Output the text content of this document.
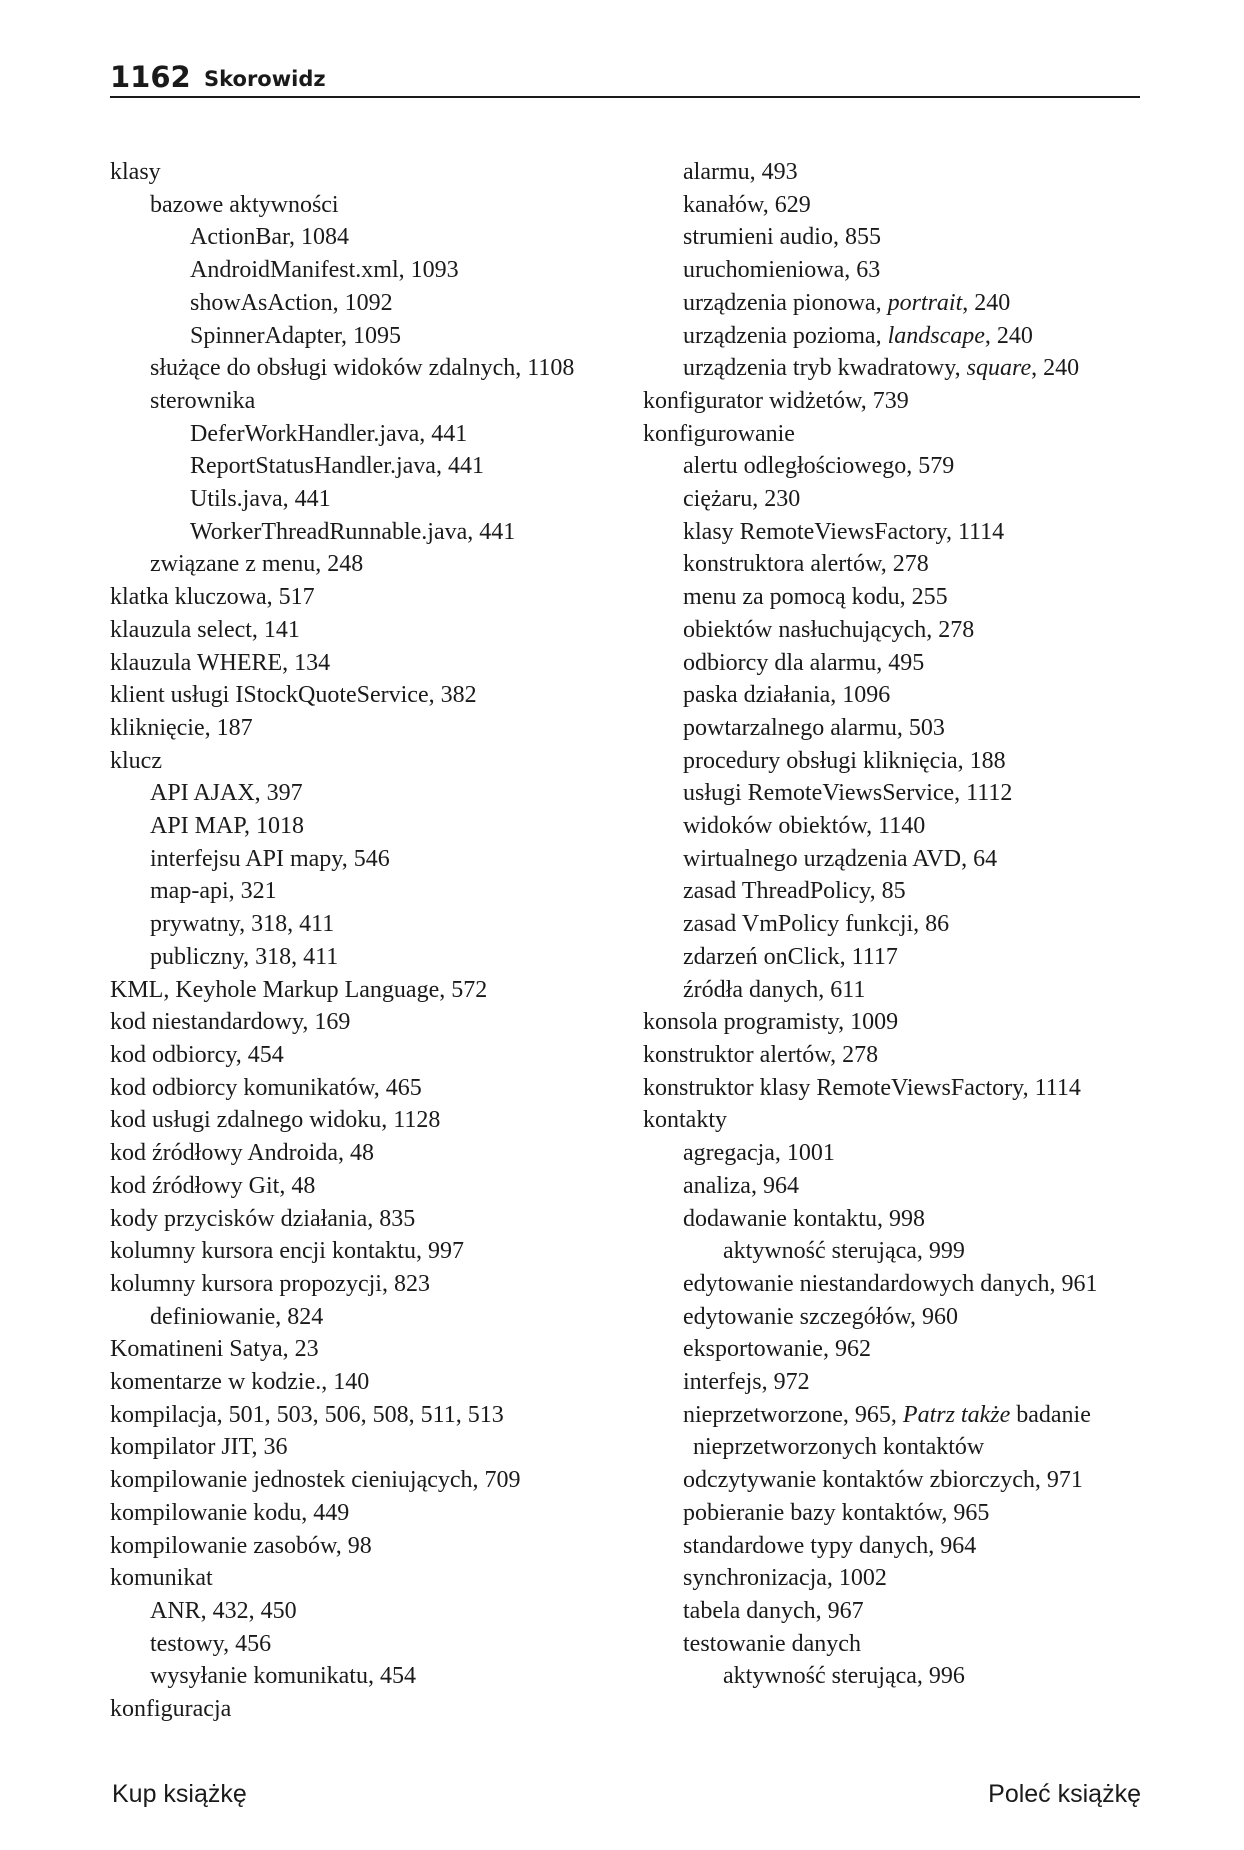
1162 Skorowidz
klasy
bazowe aktywności
ActionBar, 1084
AndroidManifest.xml, 1093
showAsAction, 1092
SpinnerAdapter, 1095
służące do obsługi widoków zdalnych, 1108
sterownika
DeferWorkHandler.java, 441
ReportStatusHandler.java, 441
Utils.java, 441
WorkerThreadRunnable.java, 441
związane z menu, 248
klatka kluczowa, 517
klauzula select, 141
klauzula WHERE, 134
klient usługi IStockQuoteService, 382
kliknięcie, 187
klucz
API AJAX, 397
API MAP, 1018
interfejsu API mapy, 546
map-api, 321
prywatny, 318, 411
publiczny, 318, 411
KML, Keyhole Markup Language, 572
kod niestandardowy, 169
kod odbiorcy, 454
kod odbiorcy komunikatów, 465
kod usługi zdalnego widoku, 1128
kod źródłowy Androida, 48
kod źródłowy Git, 48
kody przycisków działania, 835
kolumny kursora encji kontaktu, 997
kolumny kursora propozycji, 823
definiowanie, 824
Komatineni Satya, 23
komentarze w kodzie., 140
kompilacja, 501, 503, 506, 508, 511, 513
kompilator JIT, 36
kompilowanie jednostek cieniujących, 709
kompilowanie kodu, 449
kompilowanie zasobów, 98
komunikat
ANR, 432, 450
testowy, 456
wysyłanie komunikatu, 454
konfiguracja
alarmu, 493
kanałów, 629
strumieni audio, 855
uruchomieniowa, 63
urządzenia pionowa, portrait, 240
urządzenia pozioma, landscape, 240
urządzenia tryb kwadratowy, square, 240
konfigurator widżetów, 739
konfigurowanie
alertu odległościowego, 579
ciężaru, 230
klasy RemoteViewsFactory, 1114
konstruktora alertów, 278
menu za pomocą kodu, 255
obiektów nasłuchujących, 278
odbiorcy dla alarmu, 495
paska działania, 1096
powtarzalnego alarmu, 503
procedury obsługi kliknięcia, 188
usługi RemoteViewsService, 1112
widoków obiektów, 1140
wirtualnego urządzenia AVD, 64
zasad ThreadPolicy, 85
zasad VmPolicy funkcji, 86
zdarzeń onClick, 1117
źródła danych, 611
konsola programisty, 1009
konstruktor alertów, 278
konstruktor klasy RemoteViewsFactory, 1114
kontakty
agregacja, 1001
analiza, 964
dodawanie kontaktu, 998
aktywność sterująca, 999
edytowanie niestandardowych danych, 961
edytowanie szczegółów, 960
eksportowanie, 962
interfejs, 972
nieprzetworzone, 965, Patrz także badanie
nieprzetworzonych kontaktów
odczytywanie kontaktów zbiorczych, 971
pobieranie bazy kontaktów, 965
standardowe typy danych, 964
synchronizacja, 1002
tabela danych, 967
testowanie danych
aktywność sterująca, 996
Kup książkę	Poleć książkę
